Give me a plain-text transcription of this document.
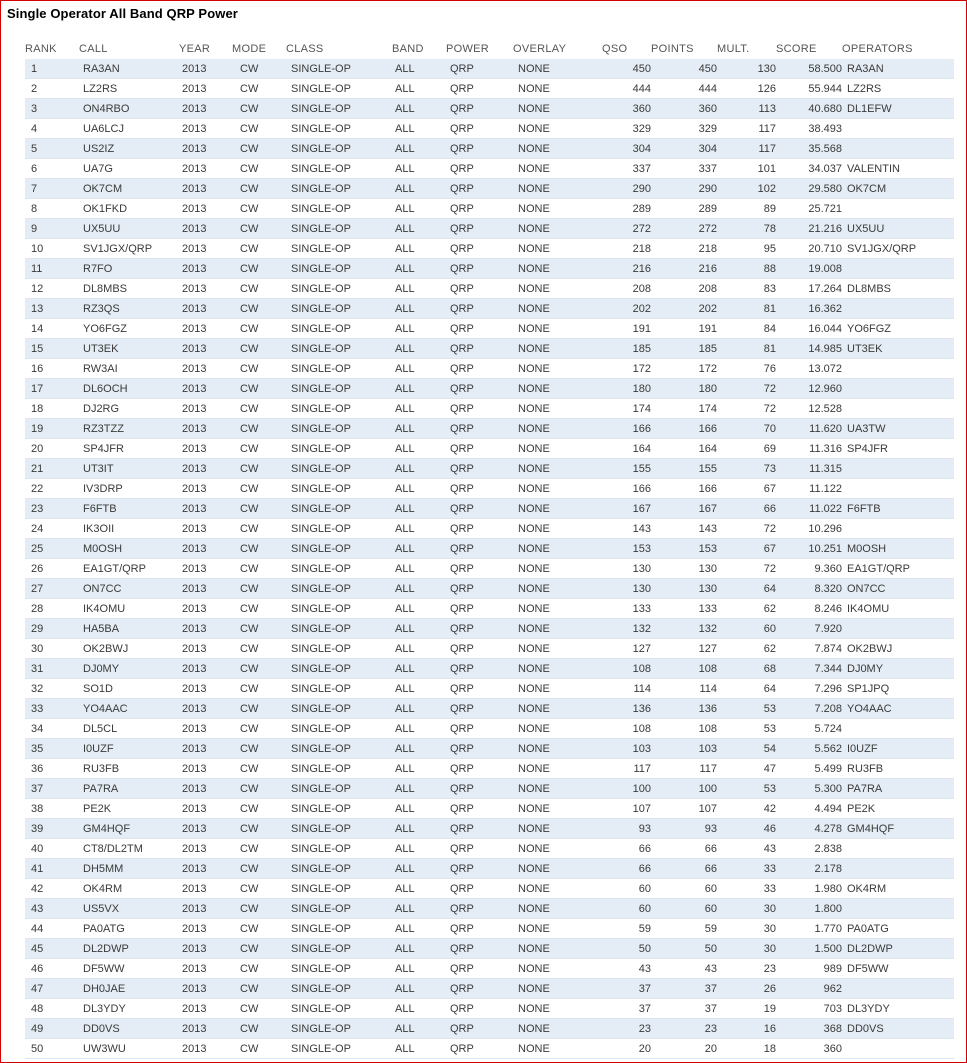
Single Operator All Band QRP Power
RANK	CALL	YEAR	MODE	CLASS	BAND	POWER	OVERLAY	QSO	POINTS	MULT.	SCORE	OPERATORS
1	RA3AN	2013	CW	SINGLE-OP	ALL	QRP	NONE	450	450	130	58.500	RA3AN
2	LZ2RS	2013	CW	SINGLE-OP	ALL	QRP	NONE	444	444	126	55.944	LZ2RS
3	ON4RBO	2013	CW	SINGLE-OP	ALL	QRP	NONE	360	360	113	40.680	DL1EFW
4	UA6LCJ	2013	CW	SINGLE-OP	ALL	QRP	NONE	329	329	117	38.493	
5	US2IZ	2013	CW	SINGLE-OP	ALL	QRP	NONE	304	304	117	35.568	
6	UA7G	2013	CW	SINGLE-OP	ALL	QRP	NONE	337	337	101	34.037	VALENTIN
7	OK7CM	2013	CW	SINGLE-OP	ALL	QRP	NONE	290	290	102	29.580	OK7CM
8	OK1FKD	2013	CW	SINGLE-OP	ALL	QRP	NONE	289	289	89	25.721	
9	UX5UU	2013	CW	SINGLE-OP	ALL	QRP	NONE	272	272	78	21.216	UX5UU
10	SV1JGX/QRP	2013	CW	SINGLE-OP	ALL	QRP	NONE	218	218	95	20.710	SV1JGX/QRP
11	R7FO	2013	CW	SINGLE-OP	ALL	QRP	NONE	216	216	88	19.008	
12	DL8MBS	2013	CW	SINGLE-OP	ALL	QRP	NONE	208	208	83	17.264	DL8MBS
13	RZ3QS	2013	CW	SINGLE-OP	ALL	QRP	NONE	202	202	81	16.362	
14	YO6FGZ	2013	CW	SINGLE-OP	ALL	QRP	NONE	191	191	84	16.044	YO6FGZ
15	UT3EK	2013	CW	SINGLE-OP	ALL	QRP	NONE	185	185	81	14.985	UT3EK
16	RW3AI	2013	CW	SINGLE-OP	ALL	QRP	NONE	172	172	76	13.072	
17	DL6OCH	2013	CW	SINGLE-OP	ALL	QRP	NONE	180	180	72	12.960	
18	DJ2RG	2013	CW	SINGLE-OP	ALL	QRP	NONE	174	174	72	12.528	
19	RZ3TZZ	2013	CW	SINGLE-OP	ALL	QRP	NONE	166	166	70	11.620	UA3TW
20	SP4JFR	2013	CW	SINGLE-OP	ALL	QRP	NONE	164	164	69	11.316	SP4JFR
21	UT3IT	2013	CW	SINGLE-OP	ALL	QRP	NONE	155	155	73	11.315	
22	IV3DRP	2013	CW	SINGLE-OP	ALL	QRP	NONE	166	166	67	11.122	
23	F6FTB	2013	CW	SINGLE-OP	ALL	QRP	NONE	167	167	66	11.022	F6FTB
24	IK3OII	2013	CW	SINGLE-OP	ALL	QRP	NONE	143	143	72	10.296	
25	M0OSH	2013	CW	SINGLE-OP	ALL	QRP	NONE	153	153	67	10.251	M0OSH
26	EA1GT/QRP	2013	CW	SINGLE-OP	ALL	QRP	NONE	130	130	72	9.360	EA1GT/QRP
27	ON7CC	2013	CW	SINGLE-OP	ALL	QRP	NONE	130	130	64	8.320	ON7CC
28	IK4OMU	2013	CW	SINGLE-OP	ALL	QRP	NONE	133	133	62	8.246	IK4OMU
29	HA5BA	2013	CW	SINGLE-OP	ALL	QRP	NONE	132	132	60	7.920	
30	OK2BWJ	2013	CW	SINGLE-OP	ALL	QRP	NONE	127	127	62	7.874	OK2BWJ
31	DJ0MY	2013	CW	SINGLE-OP	ALL	QRP	NONE	108	108	68	7.344	DJ0MY
32	SO1D	2013	CW	SINGLE-OP	ALL	QRP	NONE	114	114	64	7.296	SP1JPQ
33	YO4AAC	2013	CW	SINGLE-OP	ALL	QRP	NONE	136	136	53	7.208	YO4AAC
34	DL5CL	2013	CW	SINGLE-OP	ALL	QRP	NONE	108	108	53	5.724	
35	I0UZF	2013	CW	SINGLE-OP	ALL	QRP	NONE	103	103	54	5.562	I0UZF
36	RU3FB	2013	CW	SINGLE-OP	ALL	QRP	NONE	117	117	47	5.499	RU3FB
37	PA7RA	2013	CW	SINGLE-OP	ALL	QRP	NONE	100	100	53	5.300	PA7RA
38	PE2K	2013	CW	SINGLE-OP	ALL	QRP	NONE	107	107	42	4.494	PE2K
39	GM4HQF	2013	CW	SINGLE-OP	ALL	QRP	NONE	93	93	46	4.278	GM4HQF
40	CT8/DL2TM	2013	CW	SINGLE-OP	ALL	QRP	NONE	66	66	43	2.838	
41	DH5MM	2013	CW	SINGLE-OP	ALL	QRP	NONE	66	66	33	2.178	
42	OK4RM	2013	CW	SINGLE-OP	ALL	QRP	NONE	60	60	33	1.980	OK4RM
43	US5VX	2013	CW	SINGLE-OP	ALL	QRP	NONE	60	60	30	1.800	
44	PA0ATG	2013	CW	SINGLE-OP	ALL	QRP	NONE	59	59	30	1.770	PA0ATG
45	DL2DWP	2013	CW	SINGLE-OP	ALL	QRP	NONE	50	50	30	1.500	DL2DWP
46	DF5WW	2013	CW	SINGLE-OP	ALL	QRP	NONE	43	43	23	989	DF5WW
47	DH0JAE	2013	CW	SINGLE-OP	ALL	QRP	NONE	37	37	26	962	
48	DL3YDY	2013	CW	SINGLE-OP	ALL	QRP	NONE	37	37	19	703	DL3YDY
49	DD0VS	2013	CW	SINGLE-OP	ALL	QRP	NONE	23	23	16	368	DD0VS
50	UW3WU	2013	CW	SINGLE-OP	ALL	QRP	NONE	20	20	18	360	
